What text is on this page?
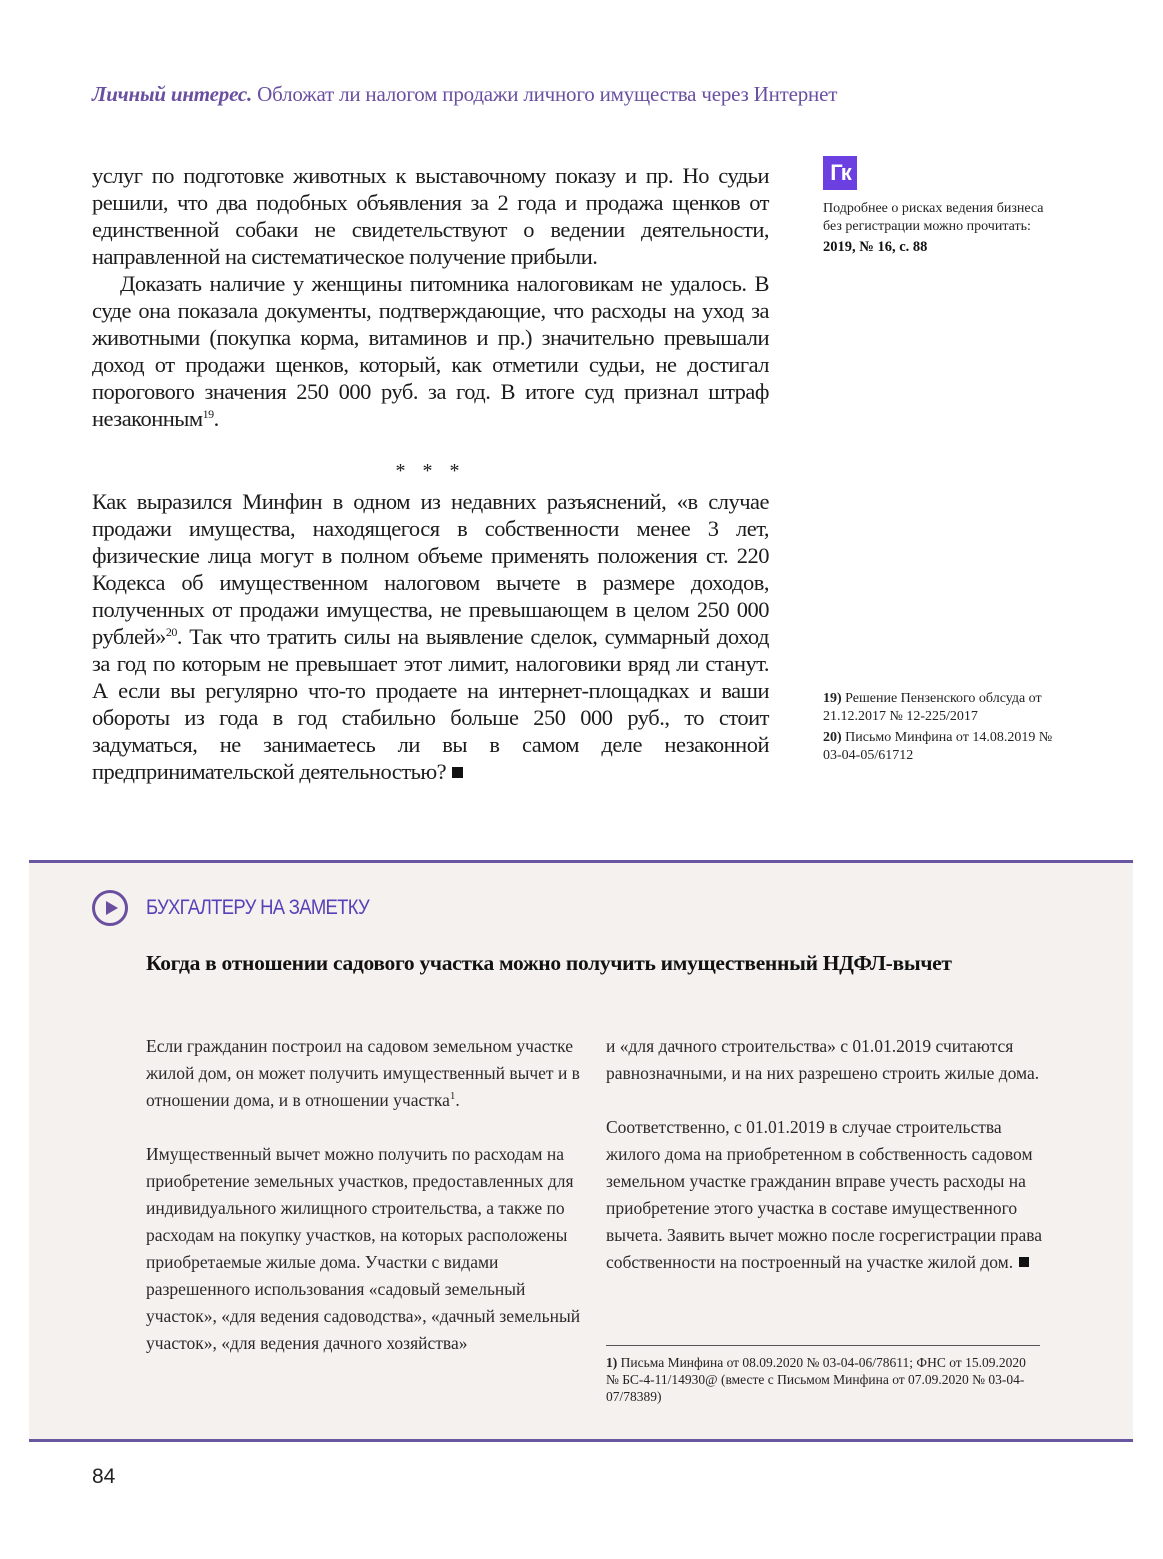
Личный интерес. Обложат ли налогом продажи личного имущества через Интернет

услуг по подготовке животных к выставочному показу и пр. Но судьи решили, что два подобных объявления за 2 года и продажа щенков от единственной собаки не свидетельствуют о ведении деятельности, направленной на систематическое получение прибыли.

Доказать наличие у женщины питомника налоговикам не удалось. В суде она показала документы, подтверждающие, что расходы на уход за животными (покупка корма, витаминов и пр.) значительно превышали доход от продажи щенков, который, как отметили судьи, не достигал порогового значения 250 000 руб. за год. В итоге суд признал штраф незаконным$^{19}$.

* * *

Как выразился Минфин в одном из недавних разъяснений, «в случае продажи имущества, находящегося в собственности менее 3 лет, физические лица могут в полном объеме применять положения ст. 220 Кодекса об имущественном налоговом вычете в размере доходов, полученных от продажи имущества, не превышающем в целом 250 000 рублей»$^{20}$. Так что тратить силы на выявление сделок, суммарный доход за год по которым не превышает этот лимит, налоговики вряд ли станут. А если вы регулярно что-то продаете на интернет-площадках и ваши обороты из года в год стабильно больше 250 000 руб., то стоит задуматься, не занимаетесь ли вы в самом деле незаконной предпринимательской деятельностью?

Гк
Подробнее о рисках ведения бизнеса без регистрации можно прочитать:
2019, № 16, с. 88
19) Решение Пензенского облсуда от 21.12.2017 № 12-225/2017
20) Письмо Минфина от 14.08.2019 № 03-04-05/61712
БУХГАЛТЕРУ НА ЗАМЕТКУ
Когда в отношении садового участка можно получить имущественный НДФЛ-вычет

Если гражданин построил на садовом земельном участке жилой дом, он может получить имущественный вычет и в отношении дома, и в отношении участка$^1$.

Имущественный вычет можно получить по расходам на приобретение земельных участков, предоставленных для индивидуального жилищного строительства, а также по расходам на покупку участков, на которых расположены приобретаемые жилые дома. Участки с видами разрешенного использования «садовый земельный участок», «для ведения садоводства», «дачный земельный участок», «для ведения дачного хозяйства»

и «для дачного строительства» с 01.01.2019 считаются равнозначными, и на них разрешено строить жилые дома.

Соответственно, с 01.01.2019 в случае строительства жилого дома на приобретенном в собственность садовом земельном участке гражданин вправе учесть расходы на приобретение этого участка в составе имущественного вычета. Заявить вычет можно после госрегистрации права собственности на построенный на участке жилой дом.

1) Письма Минфина от 08.09.2020 № 03-04-06/78611; ФНС от 15.09.2020 № БС-4-11/14930@ (вместе с Письмом Минфина от 07.09.2020 № 03-04-07/78389)
84
